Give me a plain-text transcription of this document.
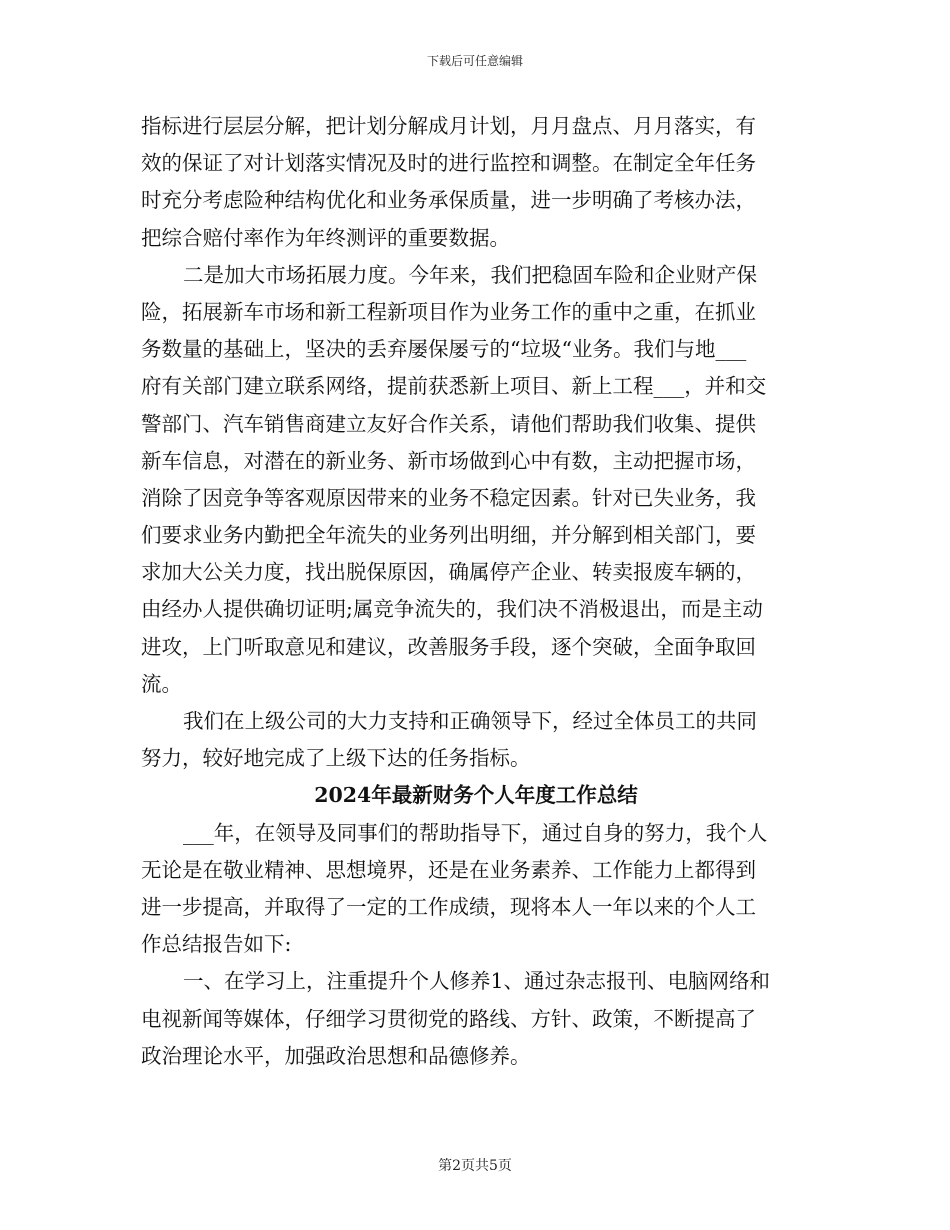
下载后可任意编辑
指标进行层层分解，把计划分解成月计划，月月盘点、月月落实，有
效的保证了对计划落实情况及时的进行监控和调整。在制定全年任务
时充分考虑险种结构优化和业务承保质量，进一步明确了考核办法，
把综合赔付率作为年终测评的重要数据。
二是加大市场拓展力度。今年来，我们把稳固车险和企业财产保
险，拓展新车市场和新工程新项目作为业务工作的重中之重，在抓业
务数量的基础上，坚决的丢弃屡保屡亏的“垃圾“业务。我们与地___
府有关部门建立联系网络，提前获悉新上项目、新上工程___，并和交
警部门、汽车销售商建立友好合作关系，请他们帮助我们收集、提供
新车信息，对潜在的新业务、新市场做到心中有数，主动把握市场，
消除了因竞争等客观原因带来的业务不稳定因素。针对已失业务，我
们要求业务内勤把全年流失的业务列出明细，并分解到相关部门，要
求加大公关力度，找出脱保原因，确属停产企业、转卖报废车辆的，
由经办人提供确切证明;属竞争流失的，我们决不消极退出，而是主动
进攻，上门听取意见和建议，改善服务手段，逐个突破，全面争取回
流。
我们在上级公司的大力支持和正确领导下，经过全体员工的共同
努力，较好地完成了上级下达的任务指标。
2024年最新财务个人年度工作总结
___年，在领导及同事们的帮助指导下，通过自身的努力，我个人
无论是在敬业精神、思想境界，还是在业务素养、工作能力上都得到
进一步提高，并取得了一定的工作成绩，现将本人一年以来的个人工
作总结报告如下:
一、在学习上，注重提升个人修养1、通过杂志报刊、电脑网络和
电视新闻等媒体，仔细学习贯彻党的路线、方针、政策，不断提高了
政治理论水平，加强政治思想和品德修养。
第2页共5页
